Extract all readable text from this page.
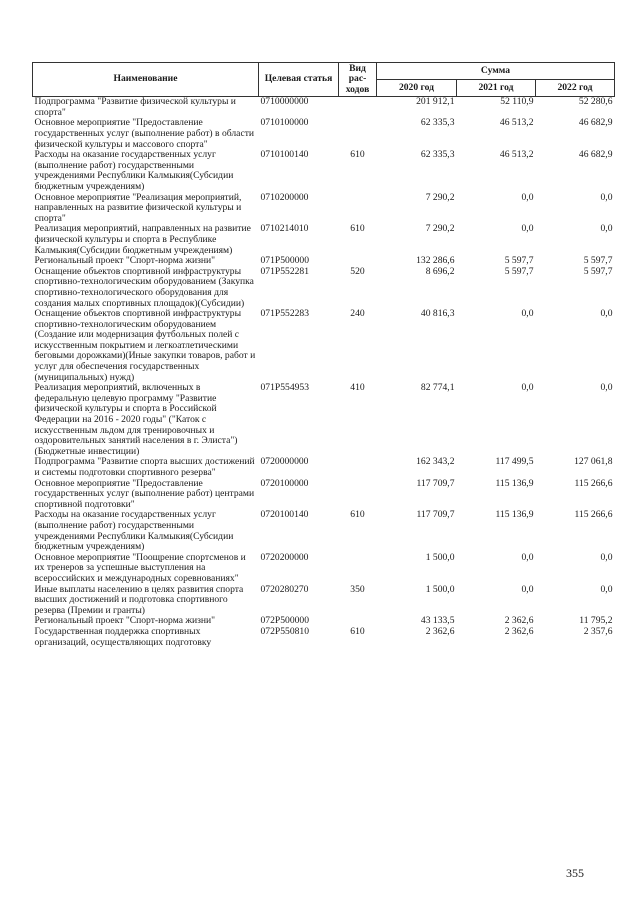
Наименование	Целевая статья	Вид рас-ходов	Сумма		
			2020 год	2021 год	2022 год
Подпрограмма "Развитие физической культуры и спорта"	0710000000		201 912,1	52 110,9	52 280,6
Основное мероприятие "Предоставление государственных услуг (выполнение работ) в области физической культуры и массового спорта"	0710100000		62 335,3	46 513,2	46 682,9
Расходы на оказание государственных услуг (выполнение работ) государственными учреждениями Республики Калмыкия(Субсидии бюджетным учреждениям)	0710100140	610	62 335,3	46 513,2	46 682,9
Основное мероприятие "Реализация мероприятий, направленных на развитие физической культуры и спорта"	0710200000		7 290,2	0,0	0,0
Реализация мероприятий, направленных на развитие физической культуры и спорта в Республике Калмыкия(Субсидии бюджетным учреждениям)	0710214010	610	7 290,2	0,0	0,0
Региональный проект "Спорт-норма жизни"	071P500000		132 286,6	5 597,7	5 597,7
Оснащение объектов спортивной инфраструктуры спортивно-технологическим оборудованием (Закупка спортивно-технологического оборудования для создания малых спортивных площадок)(Субсидии)	071P552281	520	8 696,2	5 597,7	5 597,7
Оснащение объектов спортивной инфраструктуры спортивно-технологическим оборудованием (Создание или модернизация футбольных полей с искусственным покрытием и легкоатлетическими беговыми дорожками)(Иные закупки товаров, работ и услуг для обеспечения государственных (муниципальных) нужд)	071P552283	240	40 816,3	0,0	0,0
Реализация мероприятий, включенных в федеральную целевую программу "Развитие физической культуры и спорта в Российской Федерации на 2016 - 2020 годы" ("Каток с искусственным льдом для тренировочных и оздоровительных занятий населения в г. Элиста")(Бюджетные инвестиции)	071P554953	410	82 774,1	0,0	0,0
Подпрограмма "Развитие спорта высших достижений и системы подготовки спортивного резерва"	0720000000		162 343,2	117 499,5	127 061,8
Основное мероприятие "Предоставление государственных услуг (выполнение работ) центрами спортивной подготовки"	0720100000		117 709,7	115 136,9	115 266,6
Расходы на оказание государственных услуг (выполнение работ) государственными учреждениями Республики Калмыкия(Субсидии бюджетным учреждениям)	0720100140	610	117 709,7	115 136,9	115 266,6
Основное мероприятие "Поощрение спортсменов и их тренеров за успешные выступления на всероссийских и международных соревнованиях"	0720200000		1 500,0	0,0	0,0
Иные выплаты населению в целях развития спорта высших достижений и подготовка спортивного резерва (Премии и гранты)	0720280270	350	1 500,0	0,0	0,0
Региональный проект "Спорт-норма жизни"	072P500000		43 133,5	2 362,6	11 795,2
Государственная поддержка спортивных организаций, осуществляющих подготовку	072P550810	610	2 362,6	2 362,6	2 357,6
355
